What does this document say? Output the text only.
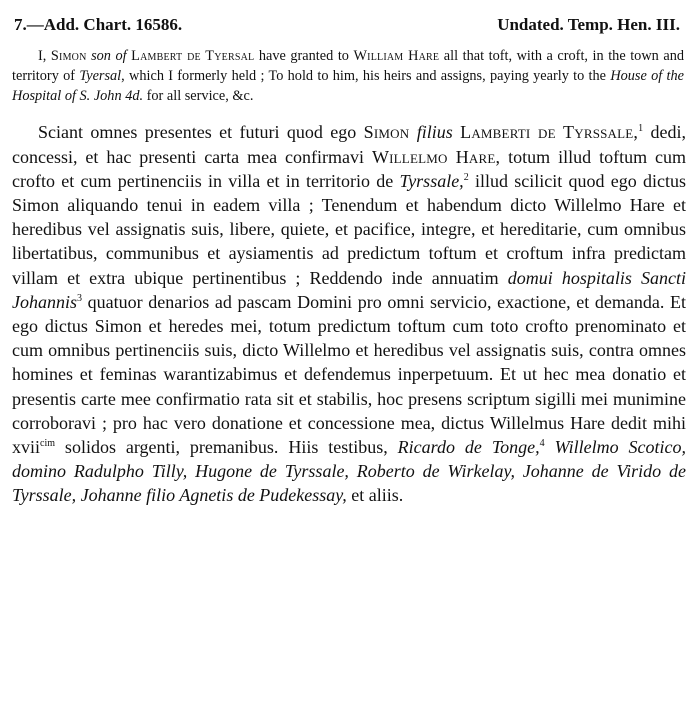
7.—Add. Chart. 16586.	Undated. Temp. Hen. III.

I, Simon son of Lambert de Tyersal have granted to William Hare all that toft, with a croft, in the town and territory of Tyersal, which I formerly held ; To hold to him, his heirs and assigns, paying yearly to the House of the Hospital of S. John 4d. for all service, &c.

Sciant omnes presentes et futuri quod ego Simon filius Lamberti de Tyrssale,$^1$ dedi, concessi, et hac presenti carta mea confirmavi Willelmo Hare, totum illud toftum cum crofto et cum pertinenciis in villa et in territorio de Tyrssale,$^2$ illud scilicit quod ego dictus Simon aliquando tenui in eadem villa ; Tenendum et habendum dicto Willelmo Hare et heredibus vel assignatis suis, libere, quiete, et pacifice, integre, et hereditarie, cum omnibus libertatibus, communibus et aysiamentis ad predictum toftum et croftum infra predictam villam et extra ubique pertinentibus ; Reddendo inde annuatim domui hospitalis Sancti Johannis$^3$ quatuor denarios ad pascam Domini pro omni servicio, exactione, et demanda. Et ego dictus Simon et heredes mei, totum predictum toftum cum toto crofto prenominato et cum omnibus pertinenciis suis, dicto Willelmo et heredibus vel assignatis suis, contra omnes homines et feminas warantizabimus et defendemus inperpetuum. Et ut hec mea donatio et presentis carte mee confirmatio rata sit et stabilis, hoc presens scriptum sigilli mei munimine corroboravi ; pro hac vero donatione et concessione mea, dictus Willelmus Hare dedit mihi xvii$^{cim}$ solidos argenti, premanibus. Hiis testibus, Ricardo de Tonge,$^4$ Willelmo Scotico, domino Radulpho Tilly, Hugone de Tyrssale, Roberto de Wirkelay, Johanne de Virido de Tyrssale, Johanne filio Agnetis de Pudekessay, et aliis.
